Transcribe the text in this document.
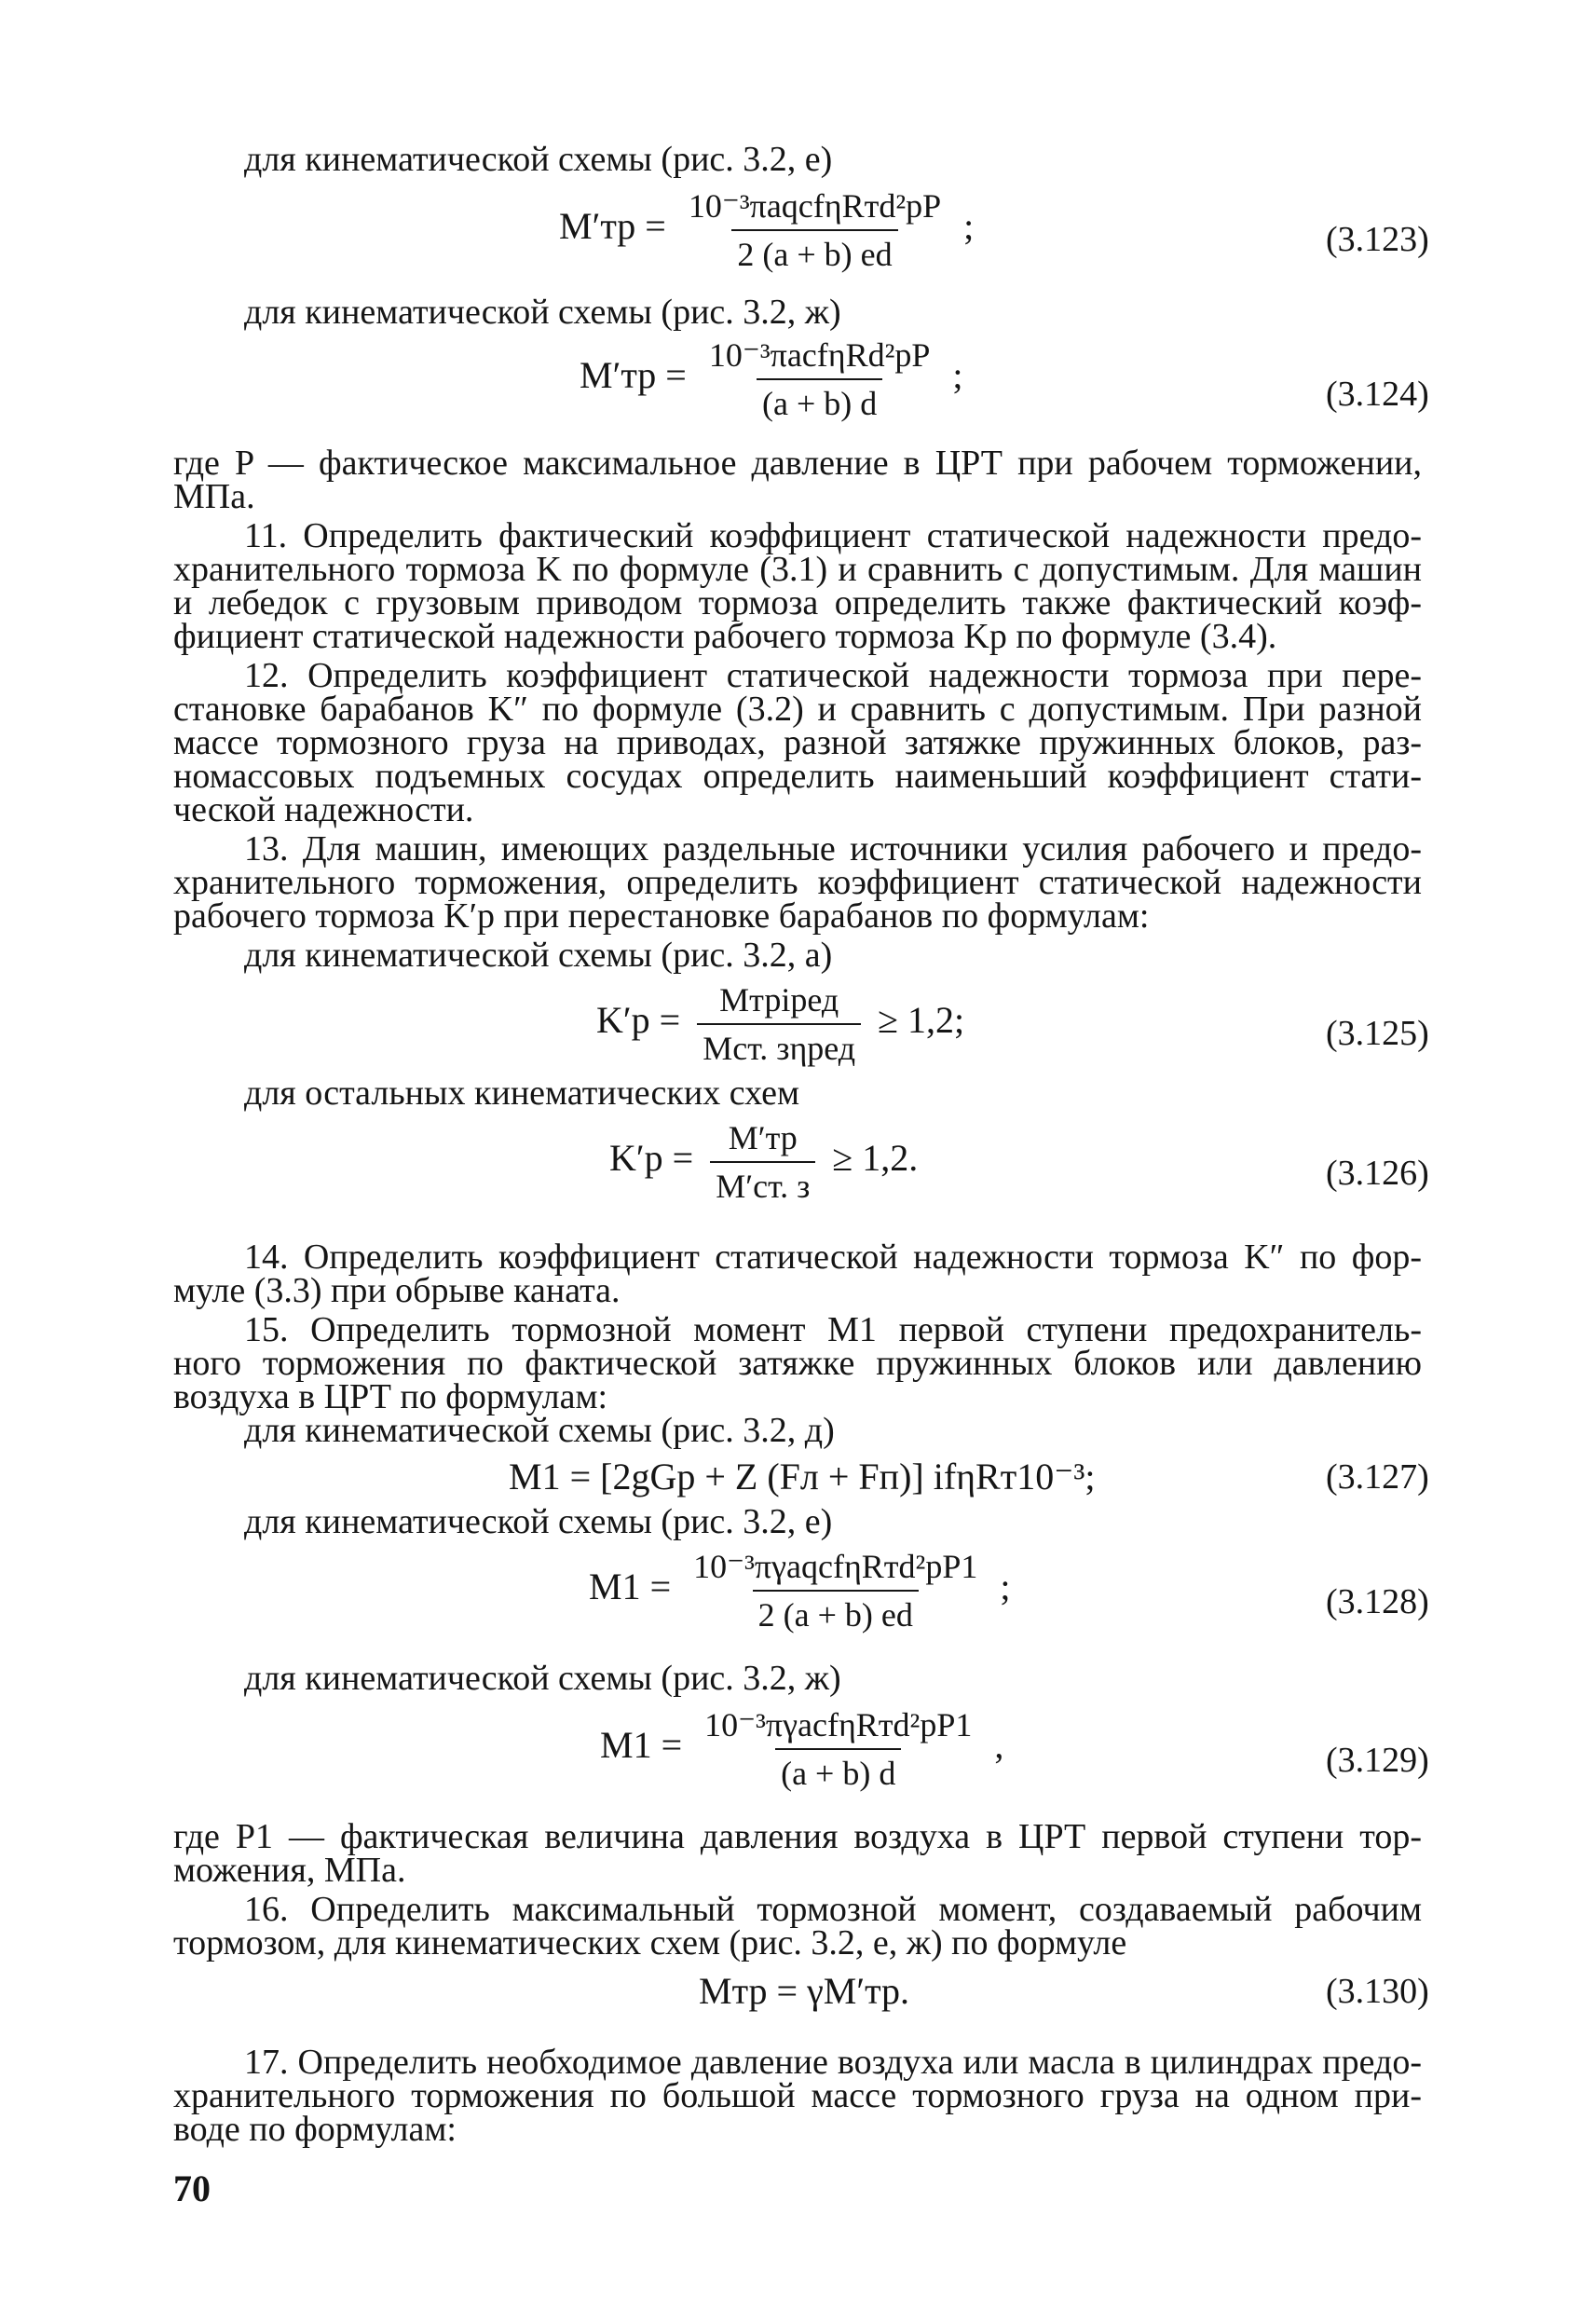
для кинематической схемы (рис. 3.2, е)
$M'тр = \frac{\text{10⁻³πaqcfηRтd²рP}}{2 (a + b) ed}$ ;	(3.123)
для кинематической схемы (рис. 3.2, ж)
$M'тр = \frac{\text{10⁻³πacfηRd²рP}}{(a + b) d}$ ;	(3.124)
где P — фактическое максимальное давление в ЦРТ при рабочем торможении,
МПа.
11. Определить фактический коэффициент статической надежности предо-
хранительного тормоза K по формуле (3.1) и сравнить с допустимым. Для машин
и лебедок с грузовым приводом тормоза определить также фактический коэф-
фициент статической надежности рабочего тормоза Kр по формуле (3.4).
12. Определить коэффициент статической надежности тормоза при пере-
становке барабанов K″ по формуле (3.2) и сравнить с допустимым. При разной
массе тормозного груза на приводах, разной затяжке пружинных блоков, раз-
номассовых подъемных сосудах определить наименьший коэффициент стати-
ческой надежности.
13. Для машин, имеющих раздельные источники усилия рабочего и предо-
хранительного торможения, определить коэффициент статической надежности
рабочего тормоза K′р при перестановке барабанов по формулам:
для кинематической схемы (рис. 3.2, а)
$K'р = \frac{\text{Mтрiред}}{\text{Mст. зηред}} \ge 1,2$;	(3.125)
для остальных кинематических схем
$K'р = \frac{M'тр}{M'ст. з} \ge 1,2$.	(3.126)
14. Определить коэффициент статической надежности тормоза K″ по фор-
муле (3.3) при обрыве каната.
15. Определить тормозной момент M1 первой ступени предохранитель-
ного торможения по фактической затяжке пружинных блоков или давлению
воздуха в ЦРТ по формулам:
для кинематической схемы (рис. 3.2, д)
M1 = [2gGр + Z (Fл + Fп)] ifηRт10⁻³;	(3.127)
для кинематической схемы (рис. 3.2, е)
$M1 = \frac{\text{10⁻³πγaqcfηRтd²рP1}}{2 (a + b) ed}$ ;	(3.128)
для кинематической схемы (рис. 3.2, ж)
$M1 = \frac{\text{10⁻³πγacfηRтd²рP1}}{(a + b) d}$ ,	(3.129)
где P1 — фактическая величина давления воздуха в ЦРТ первой ступени тор-
можения, МПа.
16. Определить максимальный тормозной момент, создаваемый рабочим
тормозом, для кинематических схем (рис. 3.2, е, ж) по формуле
Mтр = γM′тр.	(3.130)
17. Определить необходимое давление воздуха или масла в цилиндрах предо-
хранительного торможения по большой массе тормозного груза на одном при-
воде по формулам:
70
